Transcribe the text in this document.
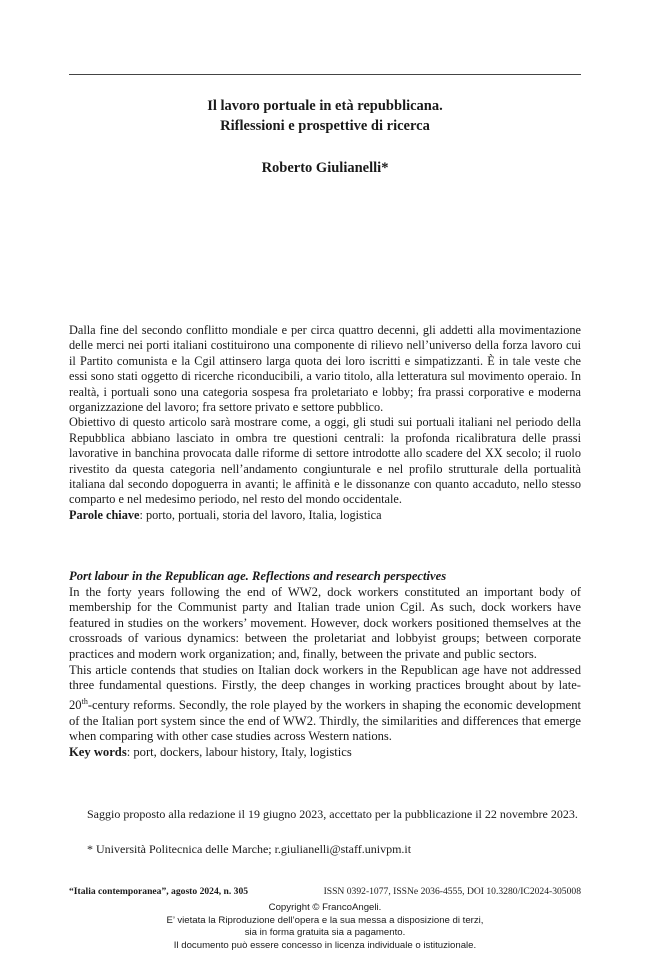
Il lavoro portuale in età repubblicana.
Riflessioni e prospettive di ricerca
Roberto Giulianelli*

Dalla fine del secondo conflitto mondiale e per circa quattro decenni, gli addetti alla movimentazione delle merci nei porti italiani costituirono una componente di rilievo nell’universo della forza lavoro cui il Partito comunista e la Cgil attinsero larga quota dei loro iscritti e simpatizzanti. È in tale veste che essi sono stati oggetto di ricerche riconducibili, a vario titolo, alla letteratura sul movimento operaio. In realtà, i portuali sono una categoria sospesa fra proletariato e lobby; fra prassi corporative e moderna organizzazione del lavoro; fra settore privato e settore pubblico.

Obiettivo di questo articolo sarà mostrare come, a oggi, gli studi sui portuali italiani nel periodo della Repubblica abbiano lasciato in ombra tre questioni centrali: la profonda ricalibratura delle prassi lavorative in banchina provocata dalle riforme di settore introdotte allo scadere del XX secolo; il ruolo rivestito da questa categoria nell’andamento congiunturale e nel profilo strutturale della portualità italiana dal secondo dopoguerra in avanti; le affinità e le dissonanze con quanto accaduto, nello stesso comparto e nel medesimo periodo, nel resto del mondo occidentale.

Parole chiave: porto, portuali, storia del lavoro, Italia, logistica

Port labour in the Republican age. Reflections and research perspectives

In the forty years following the end of WW2, dock workers constituted an important body of membership for the Communist party and Italian trade union Cgil. As such, dock workers have featured in studies on the workers’ movement. However, dock workers positioned themselves at the crossroads of various dynamics: between the proletariat and lobbyist groups; between corporate practices and modern work organization; and, finally, between the private and public sectors.

This article contends that studies on Italian dock workers in the Republican age have not addressed three fundamental questions. Firstly, the deep changes in working practices brought about by late-20th-century reforms. Secondly, the role played by the workers in shaping the economic development of the Italian port system since the end of WW2. Thirdly, the similarities and differences that emerge when comparing with other case studies across Western nations.

Key words: port, dockers, labour history, Italy, logistics

Saggio proposto alla redazione il 19 giugno 2023, accettato per la pubblicazione il 22 novembre 2023.
* Università Politecnica delle Marche; r.giulianelli@staff.univpm.it
“Italia contemporanea”, agosto 2024, n. 305	ISSN 0392-1077, ISSNe 2036-4555, DOI 10.3280/IC2024-305008
Copyright © FrancoAngeli.
E’ vietata la Riproduzione dell’opera e la sua messa a disposizione di terzi,
sia in forma gratuita sia a pagamento.
Il documento può essere concesso in licenza individuale o istituzionale.
